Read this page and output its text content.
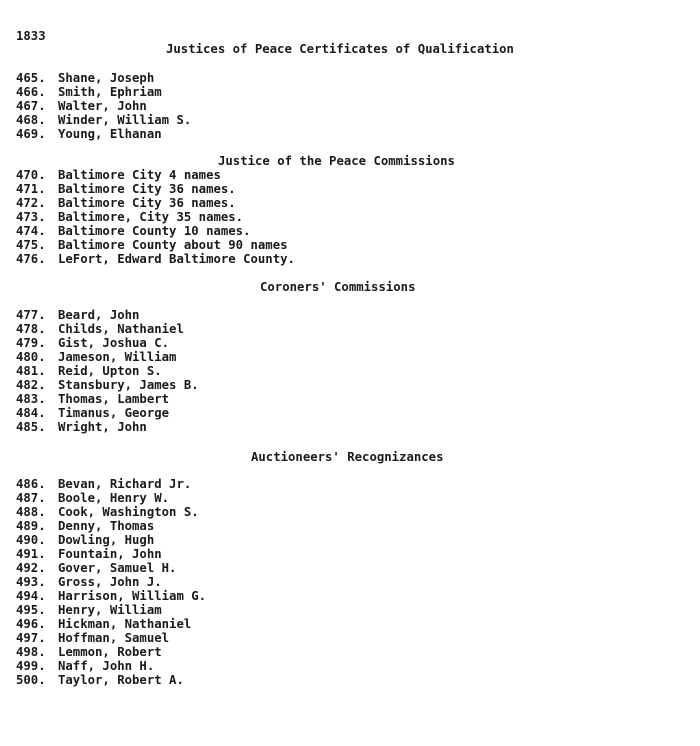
1833
Justices of Peace Certificates of Qualification
465. Shane, Joseph
466. Smith, Ephriam
467. Walter, John
468. Winder, William S.
469. Young, Elhanan
Justice of the Peace Commissions
470. Baltimore City 4 names
471. Baltimore City 36 names.
472. Baltimore City 36 names.
473. Baltimore, City 35 names.
474. Baltimore County 10 names.
475. Baltimore County about 90 names
476. LeFort, Edward Baltimore County.
Coroners' Commissions
477. Beard, John
478. Childs, Nathaniel
479. Gist, Joshua C.
480. Jameson, William
481. Reid, Upton S.
482. Stansbury, James B.
483. Thomas, Lambert
484. Timanus, George
485. Wright, John
Auctioneers' Recognizances
486. Bevan, Richard Jr.
487. Boole, Henry W.
488. Cook, Washington S.
489. Denny, Thomas
490. Dowling, Hugh
491. Fountain, John
492. Gover, Samuel H.
493. Gross, John J.
494. Harrison, William G.
495. Henry, William
496. Hickman, Nathaniel
497. Hoffman, Samuel
498. Lemmon, Robert
499. Naff, John H.
500. Taylor, Robert A.
